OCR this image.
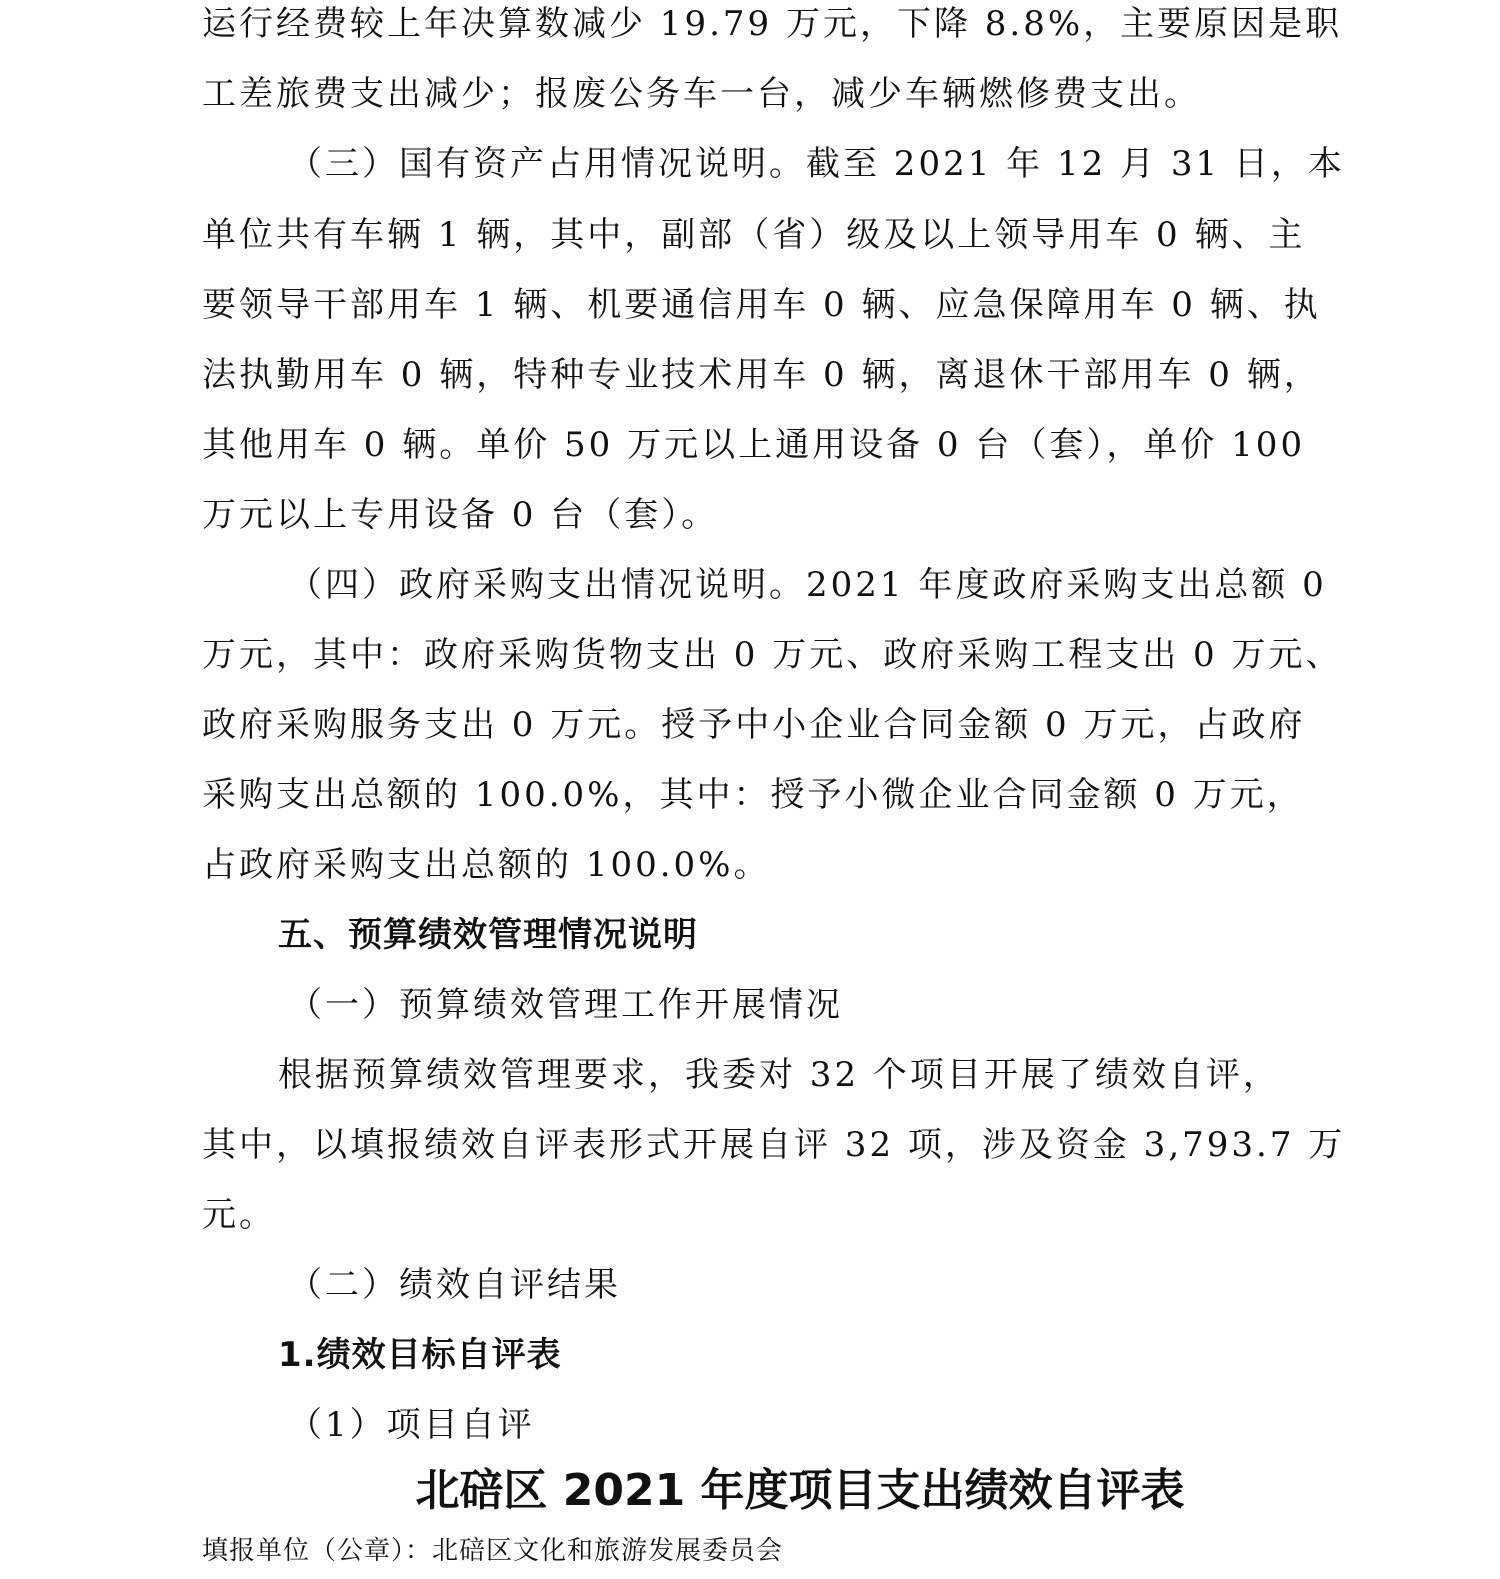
运行经费较上年决算数减少 19.79 万元，下降 8.8%，主要原因是职

工差旅费支出减少；报废公务车一台，减少车辆燃修费支出。

（三）国有资产占用情况说明。截至 2021 年 12 月 31 日，本

单位共有车辆 1 辆，其中，副部（省）级及以上领导用车 0 辆、主

要领导干部用车 1 辆、机要通信用车 0 辆、应急保障用车 0 辆、执

法执勤用车 0 辆，特种专业技术用车 0 辆，离退休干部用车 0 辆，

其他用车 0 辆。单价 50 万元以上通用设备 0 台（套），单价 100

万元以上专用设备 0 台（套）。

（四）政府采购支出情况说明。2021 年度政府采购支出总额 0

万元，其中：政府采购货物支出 0 万元、政府采购工程支出 0 万元、

政府采购服务支出 0 万元。授予中小企业合同金额 0 万元，占政府

采购支出总额的 100.0%，其中：授予小微企业合同金额 0 万元，

占政府采购支出总额的 100.0%。

五、预算绩效管理情况说明

（一）预算绩效管理工作开展情况

根据预算绩效管理要求，我委对 32 个项目开展了绩效自评，

其中，以填报绩效自评表形式开展自评 32 项，涉及资金 3,793.7 万

元。

（二）绩效自评结果

1.绩效目标自评表

（1）项目自评

北碚区 2021 年度项目支出绩效自评表

填报单位（公章）：北碚区文化和旅游发展委员会
